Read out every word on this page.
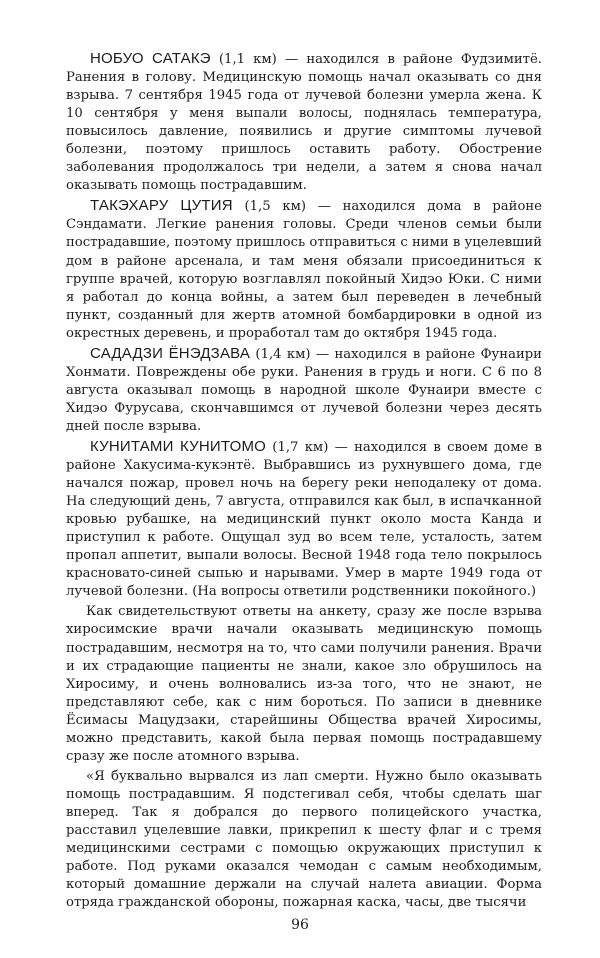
НОБУО САТАКЭ (1,1 км) — находился в районе Фудзимитё. Ранения в голову. Медицинскую помощь начал оказывать со дня взрыва. 7 сентября 1945 года от лучевой болезни умерла жена. К 10 сентября у меня выпали волосы, поднялась температура, повысилось давление, появились и другие симптомы лучевой болезни, поэтому пришлось оставить работу. Обострение заболевания продолжалось три недели, а затем я снова начал оказывать помощь пострадавшим.

ТАКЭХАРУ ЦУТИЯ (1,5 км) — находился дома в районе Сэндамати. Легкие ранения головы. Среди членов семьи были пострадавшие, поэтому пришлось отправиться с ними в уцелевший дом в районе арсенала, и там меня обязали присоединиться к группе врачей, которую возглавлял покойный Хидэо Юки. С ними я работал до конца войны, а затем был переведен в лечебный пункт, созданный для жертв атомной бомбардировки в одной из окрестных деревень, и проработал там до октября 1945 года.

САДАДЗИ ЁНЭДЗАВА (1,4 км) — находился в районе Фунаири Хонмати. Повреждены обе руки. Ранения в грудь и ноги. С 6 по 8 августа оказывал помощь в народной школе Фунаири вместе с Хидэо Фурусава, скончавшимся от лучевой болезни через десять дней после взрыва.

КУНИТАМИ КУНИТОМО (1,7 км) — находился в своем доме в районе Хакусима-кукэнтё. Выбравшись из рухнувшего дома, где начался пожар, провел ночь на берегу реки неподалеку от дома. На следующий день, 7 августа, отправился как был, в испачканной кровью рубашке, на медицинский пункт около моста Канда и приступил к работе. Ощущал зуд во всем теле, усталость, затем пропал аппетит, выпали волосы. Весной 1948 года тело покрылось красновато-синей сыпью и нарывами. Умер в марте 1949 года от лучевой болезни. (На вопросы ответили родственники покойного.)

Как свидетельствуют ответы на анкету, сразу же после взрыва хиросимские врачи начали оказывать медицинскую помощь пострадавшим, несмотря на то, что сами получили ранения. Врачи и их страдающие пациенты не знали, какое зло обрушилось на Хиросиму, и очень волновались из-за того, что не знают, не представляют себе, как с ним бороться. По записи в дневнике Ёсимасы Мацудзаки, старейшины Общества врачей Хиросимы, можно представить, какой была первая помощь пострадавшему сразу же после атомного взрыва.

«Я буквально вырвался из лап смерти. Нужно было оказывать помощь пострадавшим. Я подстегивал себя, чтобы сделать шаг вперед. Так я добрался до первого полицейского участка, расставил уцелевшие лавки, прикрепил к шесту флаг и с тремя медицинскими сестрами с помощью окружающих приступил к работе. Под руками оказался чемодан с самым необходимым, который домашние держали на случай налета авиации. Форма отряда гражданской обороны, пожарная каска, часы, две тысячи

96
